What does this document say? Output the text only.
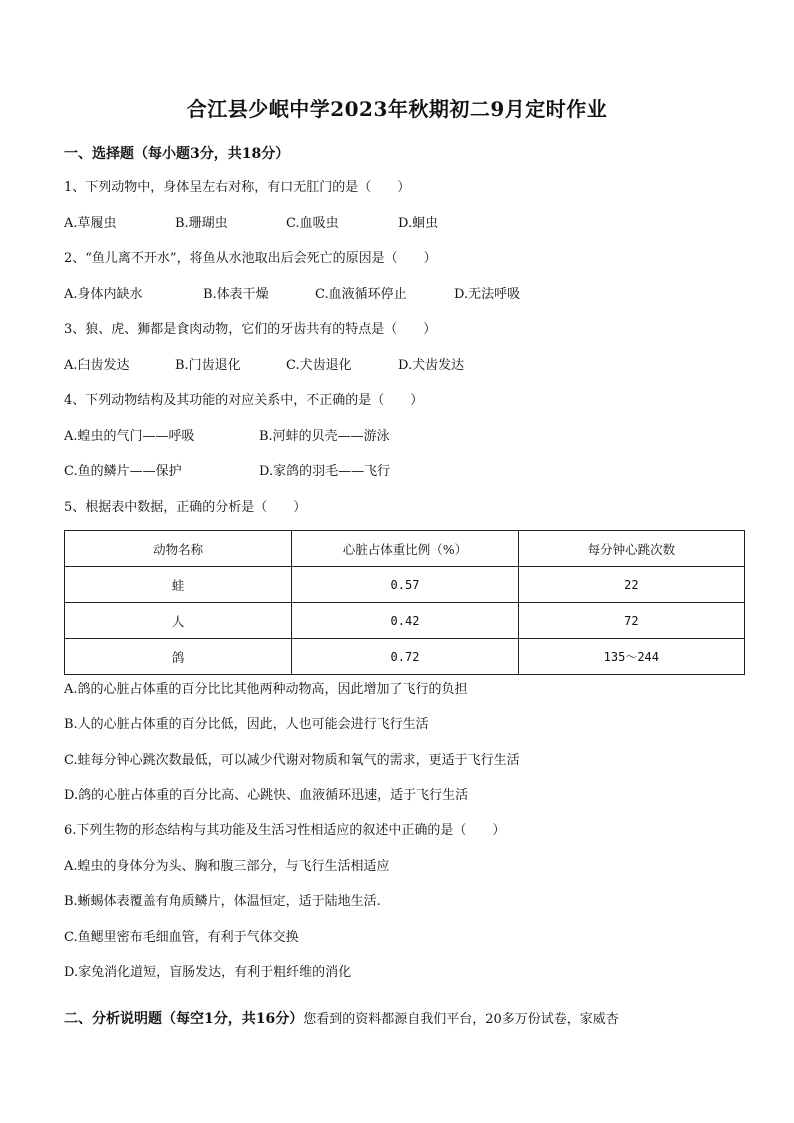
合江县少岷中学2023年秋期初二9月定时作业
一、选择题（每小题3分，共18分）
1、下列动物中，身体呈左右对称，有口无肛门的是（　　）
A.草履虫	B.珊瑚虫	C.血吸虫	D.蛔虫
2、“鱼儿离不开水”，将鱼从水池取出后会死亡的原因是（　　）
A.身体内缺水	B.体表干燥	C.血液循环停止	D.无法呼吸
3、狼、虎、狮都是食肉动物，它们的牙齿共有的特点是（　　）
A.臼齿发达	B.门齿退化	C.犬齿退化	D.犬齿发达
4、下列动物结构及其功能的对应关系中，不正确的是（　　）
A.蝗虫的气门——呼吸	B.河蚌的贝壳——游泳
C.鱼的鳞片——保护	D.家鸽的羽毛——飞行
5、根据表中数据，正确的分析是（　　）
动物名称	心脏占体重比例（%）	每分钟心跳次数
蛙	0.57	22
人	0.42	72
鸽	0.72	135～244
A.鸽的心脏占体重的百分比比其他两种动物高，因此增加了飞行的负担
B.人的心脏占体重的百分比低，因此，人也可能会进行飞行生活
C.蛙每分钟心跳次数最低，可以减少代谢对物质和氧气的需求，更适于飞行生活
D.鸽的心脏占体重的百分比高、心跳快、血液循环迅速，适于飞行生活
6.下列生物的形态结构与其功能及生活习性相适应的叙述中正确的是（　　）
A.蝗虫的身体分为头、胸和腹三部分，与飞行生活相适应
B.蜥蜴体表覆盖有角质鳞片，体温恒定，适于陆地生活.
C.鱼鳃里密布毛细血管，有利于气体交换
D.家兔消化道短，盲肠发达，有利于粗纤维的消化
二、分析说明题（每空1分，共16分）您看到的资料都源自我们平台，20多万份试卷，家威杏
